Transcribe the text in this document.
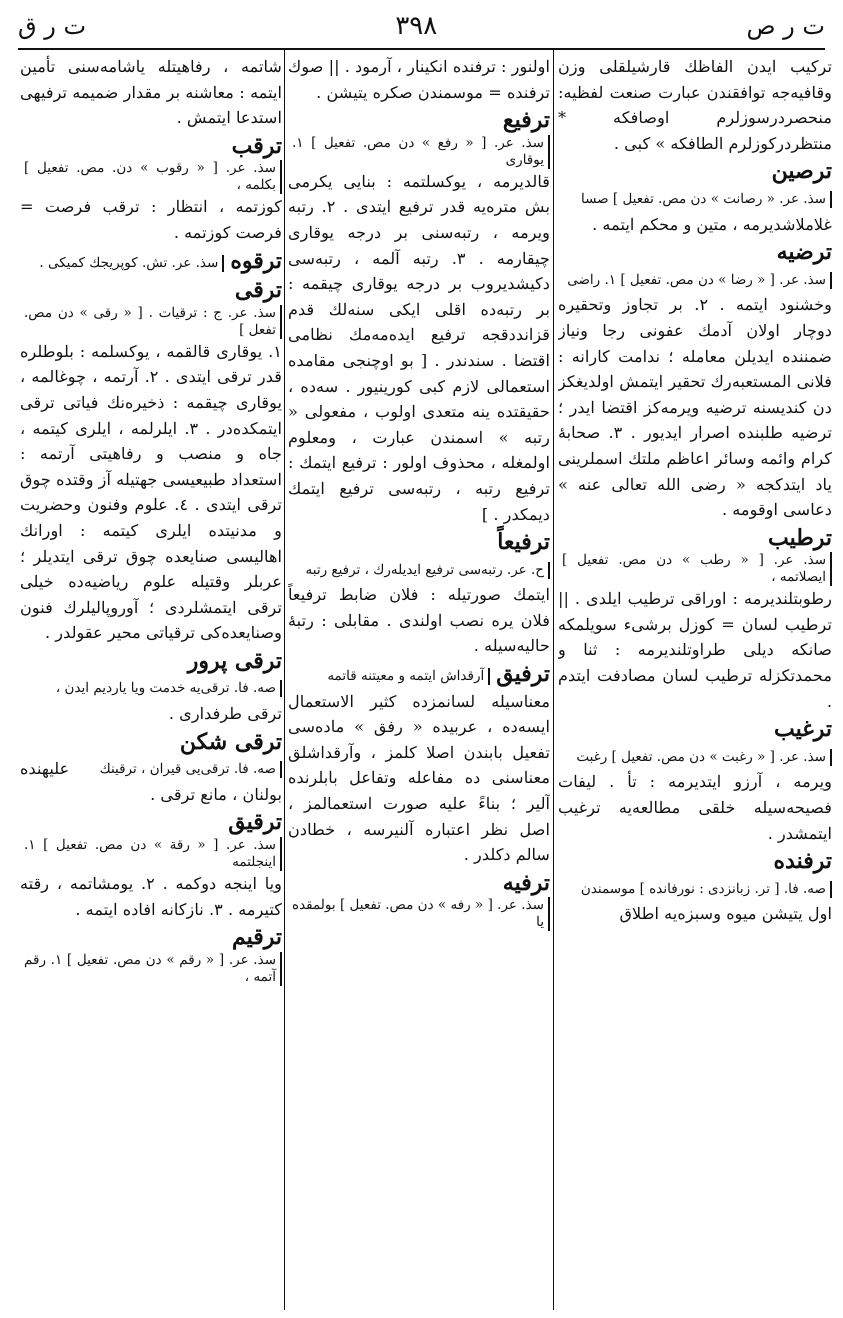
ت ر ص
٣٩٨
ت ر ق
ترکیب ایدن الفاظك قارشیلقلی وزن وقافیه‌جه توافقندن عبارت صنعت لفظیه: منحصردرسوزلرم اوصافکه * منتظردرکوزلرم الطافکه » کبی .
ترصینسذ. عر. « رصانت » دن مص. تفعیل ] صسا غلاملاشدیرمه ، متین و محکم ایتمه .
ترضیهسذ. عر. [ « رضا » دن مص. تفعیل ] ١. راضی وخشنود ایتمه . ٢. بر تجاوز وتحقیره دوچار اولان آدمك عفونی رجا ونیاز ضمننده ایدیلن معامله ؛ ندامت کارانه : فلانی المستعبه‌رك تحقیر ایتمش اولدیغکز دن کندیسنه ترضیه ویرمه‌کز اقتضا ایدر ؛ ترضیه طلبنده اصرار ایدیور . ٣. صحابهٔ کرام وائمه وسائر اعاظم ملتك اسملرینی یاد ایتدکجه « رضی الله تعالی عنه » دعاسی اوقومه .
ترطیبسذ. عر. [ « رطب » دن مص. تفعیل ] ایصلاتمه ، رطوبتلندیرمه : اوراقی ترطیب ایلدی . || ترطیب لسان = کوزل برشیء سویلمکه صانکه دیلی طراوتلندیرمه : ثنا و محمدتکزله ترطیب لسان مصادفت ایتدم .
ترغیبسذ. عر. [ « رغبت » دن مص. تفعیل ] رغبت ویرمه ، آرزو ایتدیرمه : تأ . لیفات فصیحه‌سیله خلقی مطالعه‌یه ترغیب ایتمشدر .
ترفندهصه. فا. [ تر. زبانزدی : نورفانده ] موسمندن اول یتیشن میوه وسبزه‌یه اطلاق
اولنور : ترفنده انکینار ، آرمود . || صوك ترفنده = موسمندن صکره یتیشن .
ترفیعسذ. عر. [ « رفع » دن مص. تفعیل ] ١. یوقاری قالدیرمه ، یوکسلتمه : بنایی یکرمی بش متره‌یه قدر ترفیع ایتدی . ٢. رتبه ویرمه ، رتبه‌سنی بر درجه یوقاری چیقارمه . ٣. رتبه آلمه ، رتبه‌سی دکیشدیروب بر درجه یوقاری چیقمه : بر رتبه‌ده اقلی ایکی سنه‌لك قدم قزانددقجه ترفیع ایده‌مه‌مك نظامی اقتضا . سندندر . [ بو اوچنجی مقامده استعمالی لازم کبی کورینیور . سه‌ده ، حقیقتده ینه متعدی اولوب ، مفعولی « رتبه » اسمندن عبارت ، ومعلوم اولمغله ، محذوف اولور : ترفیع ایتمك : ترفیع رتبه ، رتبه‌سی ترفیع ایتمك دیمکدر . ]
ترفیعاًح. عر. رتبه‌سی ترفیع ایدیله‌رك ، ترفیع رتبه ایتمك صورتیله : فلان ضابط ترفیعاً فلان یره نصب اولندی . مقابلی : رتبهٔ حالیه‌سیله .
ترفیقآرقداش ایتمه و معیتنه قاتمه معناسیله لسانمزده کثیر الاستعمال ایسه‌ده ، عربیده « رفق » ماده‌سی تفعیل بابندن اصلا کلمز ، وآرقداشلق معناسنی ده مفاعله وتفاعل بابلرنده آلیر ؛ بناءً علیه صورت استعمالمز ، اصل نظر اعتباره آلنیرسه ، خطادن سالم دکلدر .
ترفیهسذ. عر. [ « رفه » دن مص. تفعیل ] بولمقده یا
شاتمه ، رفاهیتله یاشامه‌سنی تأمین ایتمه : معاشنه بر مقدار ضمیمه ترفیهی استدعا ایتمش .
ترقبسذ. عر. [ « رقوب » دن. مص. تفعیل ] بکلمه ، کوزتمه ، انتظار : ترقب فرصت = فرصت کوزتمه .
ترقوهسذ. عر. تش. کوپریجك کمیکی .
ترقیسذ. عر. ج : ترقیات . [ « رقی » دن مص. تفعل ] ١. یوقاری قالقمه ، یوکسلمه : بلوطلره قدر ترقی ایتدی . ٢. آرتمه ، چوغالمه ، یوقاری چیقمه : ذخیره‌نك فیاتی ترقی ایتمکده‌در . ٣. ایلرلمه ، ایلری کیتمه ، جاه و منصب و رفاهیتی آرتمه : استعداد طبیعیسی جهتیله آز وقتده چوق ترقی ایتدی . ٤. علوم وفنون وحضریت و مدنیتده ایلری کیتمه : اورانك اهالیسی صنایعده چوق ترقی ایتدیلر ؛ عربلر وقتیله علوم ریاضیه‌ده خیلی ترقی ایتمشلردی ؛ آوروپالیلرك فنون وصنایعده‌کی ترقیاتی محیر عقولدر .
ترقی پرورصه. فا. ترقی‌یه خدمت ویا یاردیم ایدن ، ترقی طرفداری .
ترقی شکنصه. فا. ترقی‌یی قیران ، ترقینك علیهنده بولنان ، مانع ترقی .
ترقیقسذ. عر. [ « رقة » دن مص. تفعیل ] ١. اینجلتمه ویا اینجه دوکمه . ٢. یومشاتمه ، رقته کتیرمه . ٣. نازکانه افاده ایتمه .
ترقیمسذ. عر. [ « رقم » دن مص. تفعیل ] ١. رقم آتمه ،
